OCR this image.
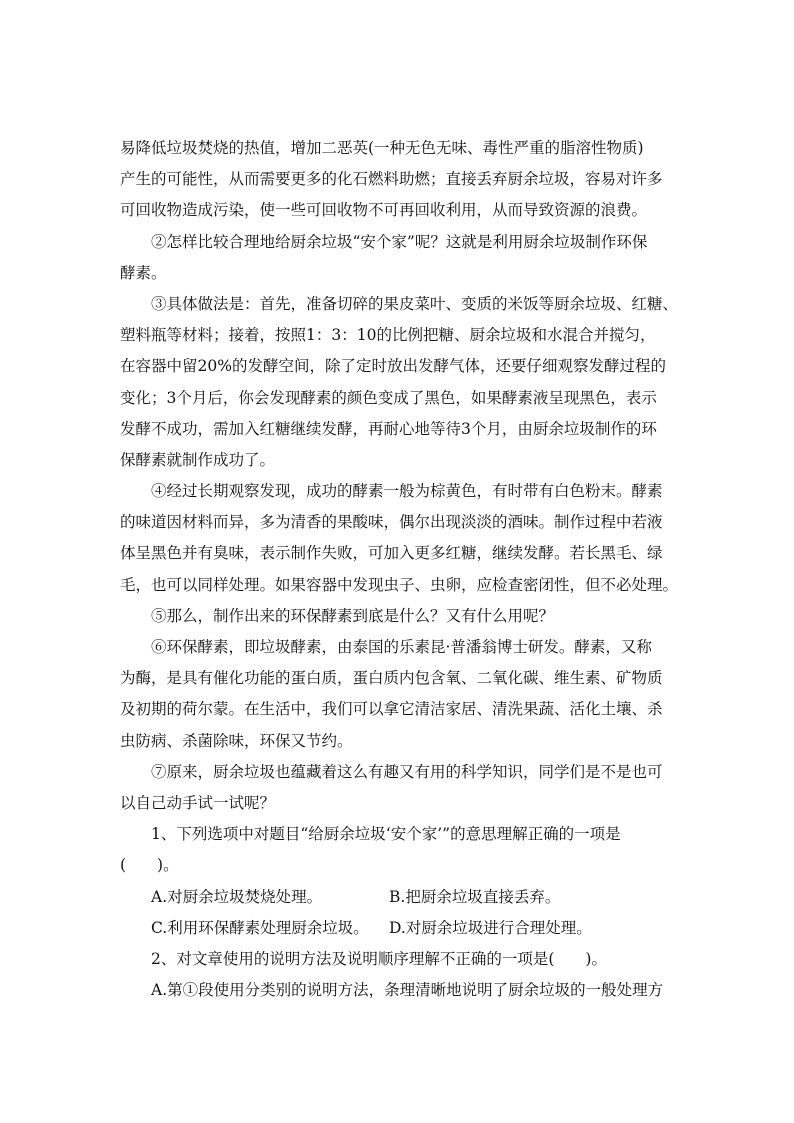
易降低垃圾焚烧的热值，增加二恶英(一种无色无味、毒性严重的脂溶性物质)
产生的可能性，从而需要更多的化石燃料助燃；直接丢弃厨余垃圾，容易对许多
可回收物造成污染，使一些可回收物不可再回收利用，从而导致资源的浪费。
②怎样比较合理地给厨余垃圾“安个家”呢？这就是利用厨余垃圾制作环保
酵素。
③具体做法是：首先，准备切碎的果皮菜叶、变质的米饭等厨余垃圾、红糖、
塑料瓶等材料；接着，按照1：3：10的比例把糖、厨余垃圾和水混合并搅匀，
在容器中留20%的发酵空间，除了定时放出发酵气体，还要仔细观察发酵过程的
变化；3个月后，你会发现酵素的颜色变成了黑色，如果酵素液呈现黑色，表示
发酵不成功，需加入红糖继续发酵，再耐心地等待3个月，由厨余垃圾制作的环
保酵素就制作成功了。
④经过长期观察发现，成功的酵素一般为棕黄色，有时带有白色粉末。酵素
的味道因材料而异，多为清香的果酸味，偶尔出现淡淡的酒味。制作过程中若液
体呈黑色并有臭味，表示制作失败，可加入更多红糖，继续发酵。若长黑毛、绿
毛，也可以同样处理。如果容器中发现虫子、虫卵，应检查密闭性，但不必处理。
⑤那么，制作出来的环保酵素到底是什么？又有什么用呢？
⑥环保酵素，即垃圾酵素，由泰国的乐素昆·普潘翁博士研发。酵素，又称
为酶，是具有催化功能的蛋白质，蛋白质内包含氧、二氧化碳、维生素、矿物质
及初期的荷尔蒙。在生活中，我们可以拿它清洁家居、清洗果蔬、活化土壤、杀
虫防病、杀菌除味，环保又节约。
⑦原来，厨余垃圾也蕴藏着这么有趣又有用的科学知识，同学们是不是也可
以自己动手试一试呢？
1、下列选项中对题目“给厨余垃圾‘安个家’”的意思理解正确的一项是
(　　)。
A.对厨余垃圾焚烧处理。	B.把厨余垃圾直接丢弃。
C.利用环保酵素处理厨余垃圾。 D.对厨余垃圾进行合理处理。
2、对文章使用的说明方法及说明顺序理解不正确的一项是(　　)。
A.第①段使用分类别的说明方法，条理清晰地说明了厨余垃圾的一般处理方
